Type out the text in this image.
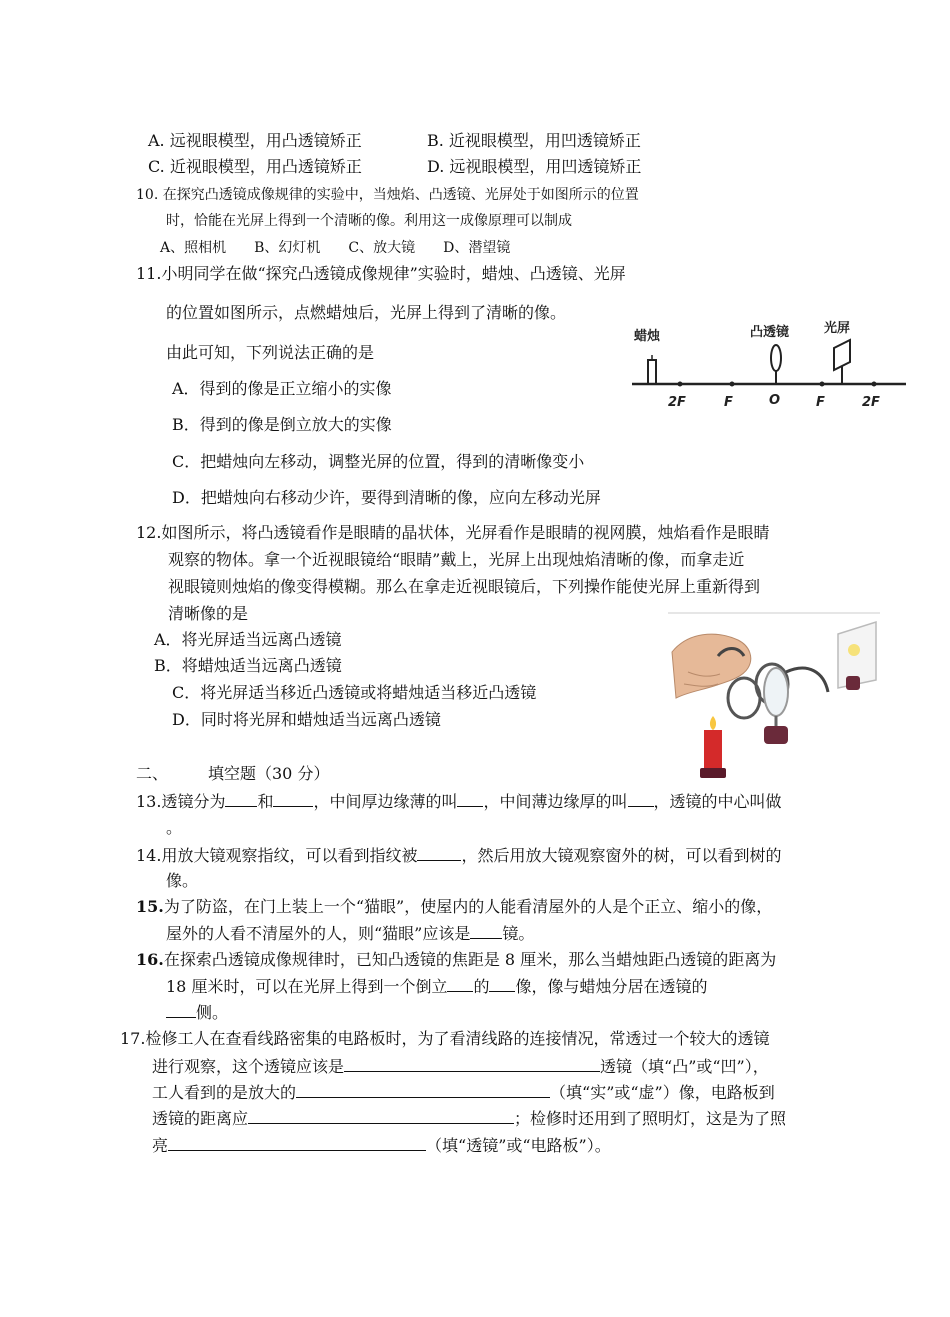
A. 远视眼模型，用凸透镜矫正	B. 近视眼模型，用凹透镜矫正
C. 近视眼模型，用凸透镜矫正	D. 远视眼模型，用凹透镜矫正
10. 在探究凸透镜成像规律的实验中，当烛焰、凸透镜、光屏处于如图所示的位置
时，恰能在光屏上得到一个清晰的像。利用这一成像原理可以制成
A、照相机　　B、幻灯机　　C、放大镜　　D、潜望镜
11.小明同学在做“探究凸透镜成像规律”实验时，蜡烛、凸透镜、光屏
的位置如图所示，点燃蜡烛后，光屏上得到了清晰的像。
由此可知，下列说法正确的是
A．得到的像是正立缩小的实像
B．得到的像是倒立放大的实像
C．把蜡烛向左移动，调整光屏的位置，得到的清晰像变小
D．把蜡烛向右移动少许，要得到清晰的像，应向左移动光屏
蜡烛	凸透镜	光屏
2F	F	O	F	2F
12.如图所示，将凸透镜看作是眼睛的晶状体，光屏看作是眼睛的视网膜，烛焰看作是眼睛
观察的物体。拿一个近视眼镜给“眼睛”戴上，光屏上出现烛焰清晰的像，而拿走近
视眼镜则烛焰的像变得模糊。那么在拿走近视眼镜后，下列操作能使光屏上重新得到
清晰像的是
A．将光屏适当远离凸透镜
B．将蜡烛适当远离凸透镜
C．将光屏适当移近凸透镜或将蜡烛适当移近凸透镜
D．同时将光屏和蜡烛适当远离凸透镜
二、 填空题（30 分）
13.透镜分为 和	，中间厚边缘薄的叫 ，中间薄边缘厚的叫 ，透镜的中心叫做
。
14.用放大镜观察指纹，可以看到指纹被	，然后用放大镜观察窗外的树，可以看到树的
像。
15.为了防盗，在门上装上一个“猫眼”，使屋内的人能看清屋外的人是个正立、缩小的像，
屋外的人看不清屋外的人，则“猫眼”应该是 镜。
16.在探索凸透镜成像规律时，已知凸透镜的焦距是 8 厘米，那么当蜡烛距凸透镜的距离为
18 厘米时，可以在光屏上得到一个倒立 的 像，像与蜡烛分居在透镜的
侧。
17.检修工人在查看线路密集的电路板时，为了看清线路的连接情况，常透过一个较大的透镜
进行观察，这个透镜应该是	透镜（填“凸”或“凹”），
工人看到的是放大的	（填“实”或“虚”）像，电路板到
透镜的距离应	；检修时还用到了照明灯，这是为了照
亮	（填“透镜”或“电路板”）。
